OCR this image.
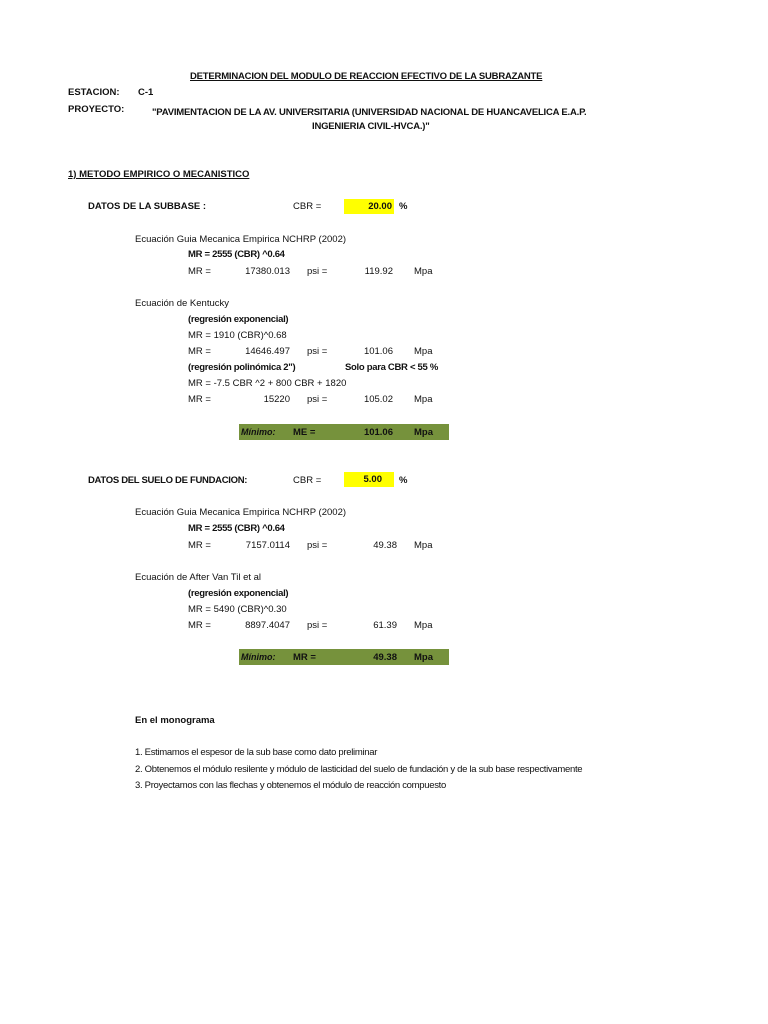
DETERMINACION DEL MODULO DE REACCION EFECTIVO DE LA SUBRAZANTE
ESTACION: C-1
PROYECTO:	"PAVIMENTACION DE LA AV. UNIVERSITARIA (UNIVERSIDAD NACIONAL DE HUANCAVELICA E.A.P.
INGENIERIA CIVIL-HVCA.)"
1) METODO EMPIRICO O MECANISTICO
DATOS DE LA SUBBASE :	CBR =	20.00 %
Ecuación Guia Mecanica Empirica NCHRP (2002)
MR = 2555 (CBR) ^0.64
MR =	17380.013 psi =	119.92 Mpa
Ecuación de Kentucky
(regresión exponencial)
MR = 1910 (CBR)^0.68
MR =	14646.497 psi =	101.06 Mpa
(regresión polinómica 2")	Solo para CBR < 55 %
MR = -7.5 CBR ^2 + 800 CBR + 1820
MR =	15220 psi =	105.02 Mpa
Mínimo: ME =	101.06 Mpa
DATOS DEL SUELO DE FUNDACION:	CBR =	5.00	%
Ecuación Guia Mecanica Empirica NCHRP (2002)
MR = 2555 (CBR) ^0.64
MR =	7157.0114 psi =	49.38 Mpa
Ecuación de After Van Til et al
(regresión exponencial)
MR = 5490 (CBR)^0.30
MR =	8897.4047 psi =	61.39 Mpa
Mínimo: MR =	49.38 Mpa
En el monograma
1. Estimamos el espesor de la sub base como dato preliminar
2. Obtenemos el módulo resilente y módulo de lasticidad del suelo de fundación y de la sub base respectivamente
3. Proyectamos con las flechas y obtenemos el módulo de reacción compuesto
